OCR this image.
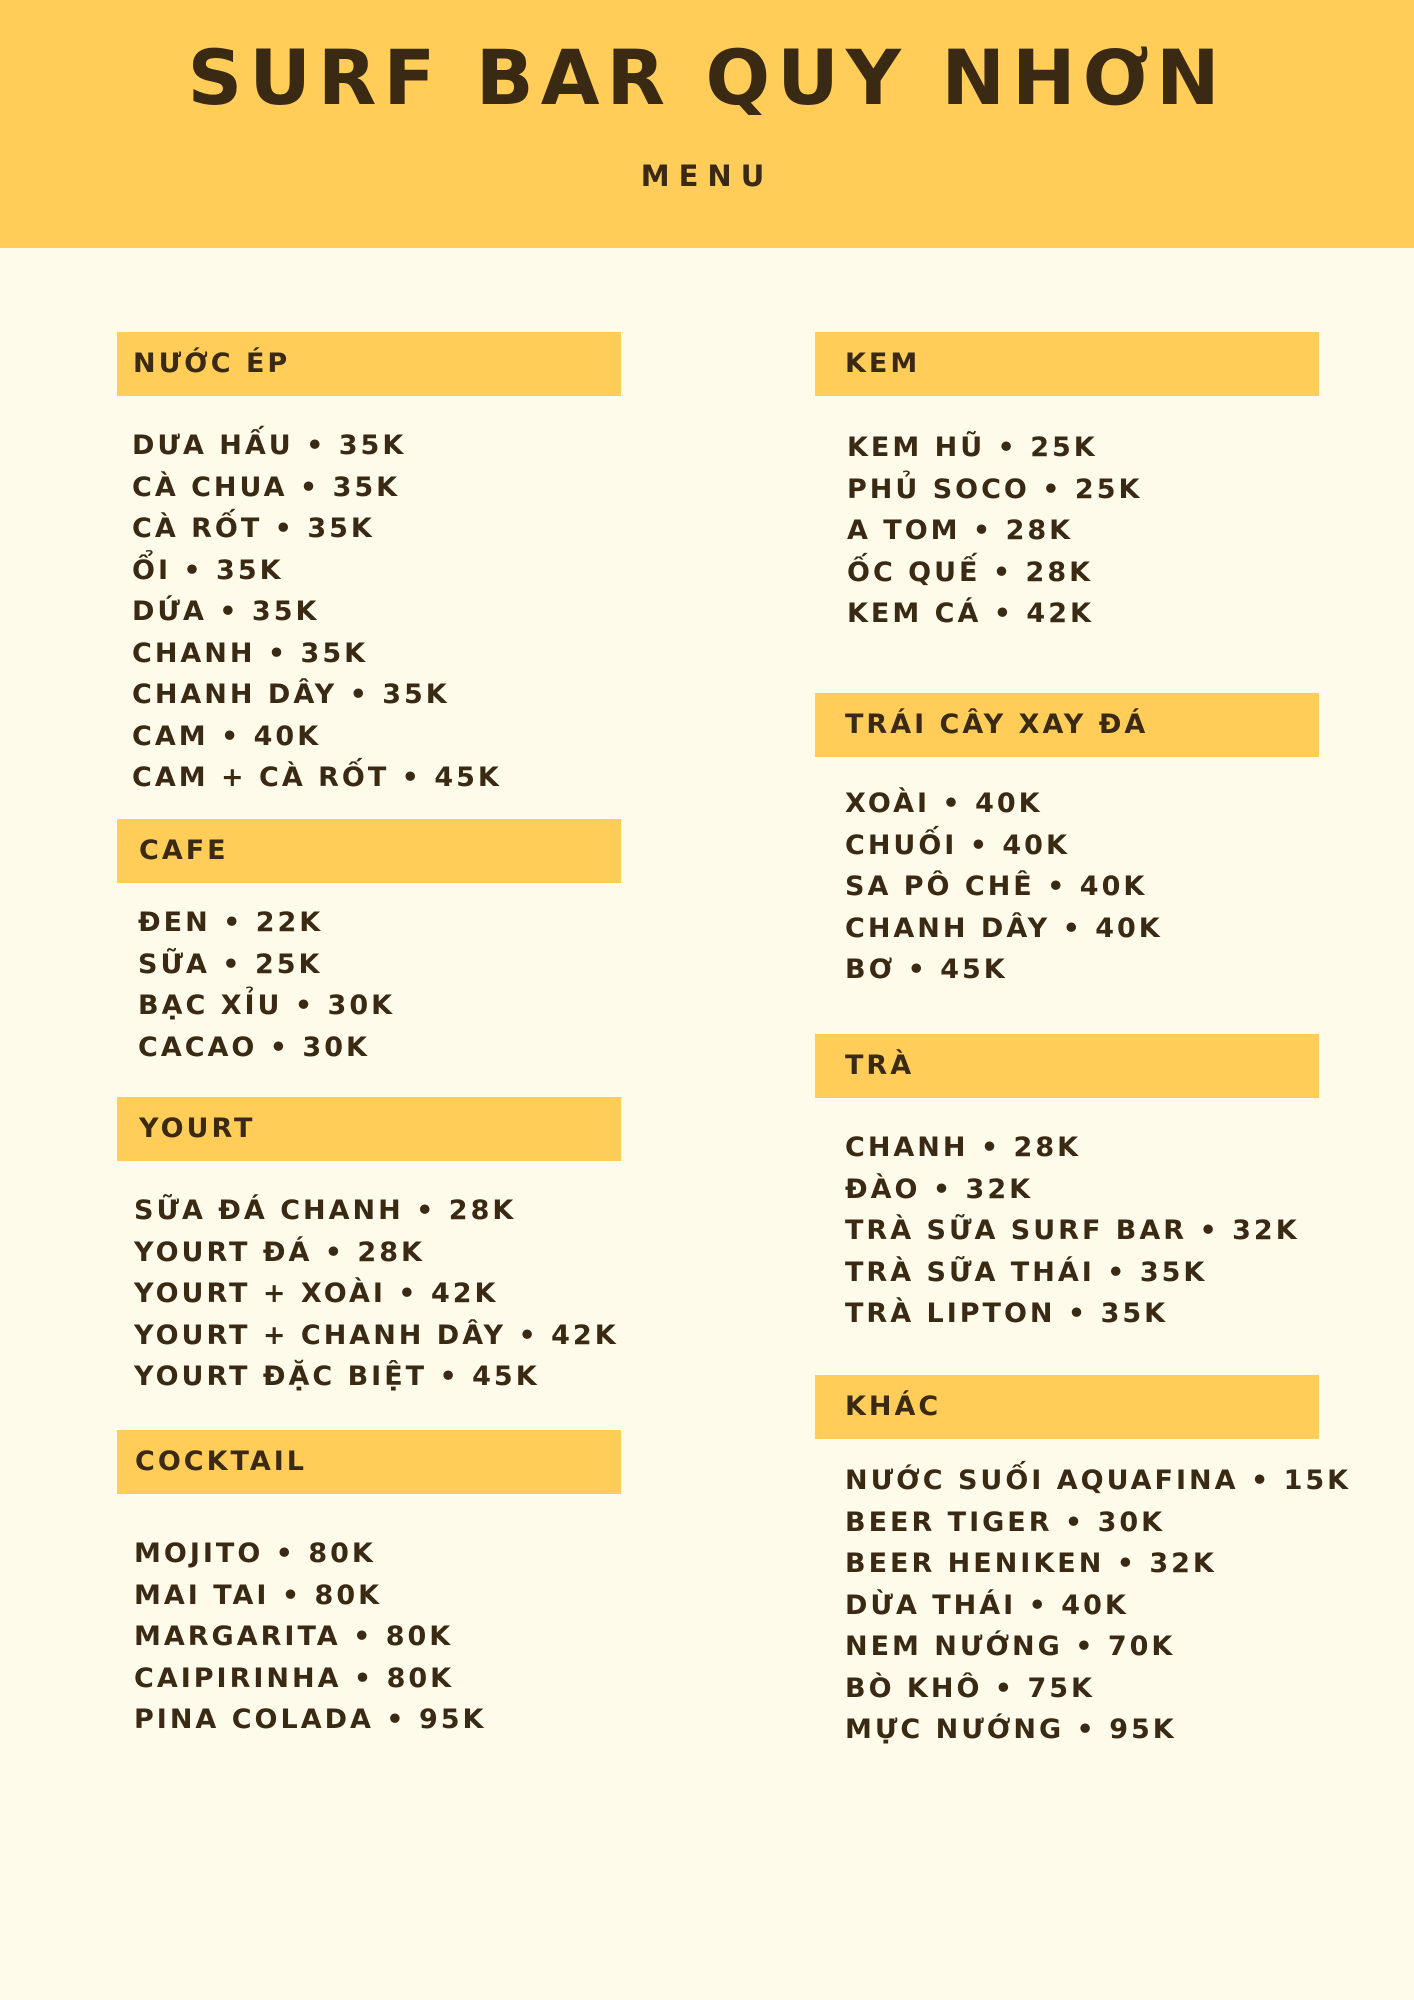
SURF BAR QUY NHƠN
MENU
NƯỚC ÉP
DƯA HẤU • 35K
CÀ CHUA • 35K
CÀ RỐT • 35K
ỔI • 35K
DỨA • 35K
CHANH • 35K
CHANH DÂY • 35K
CAM • 40K
CAM + CÀ RỐT • 45K
CAFE
ĐEN • 22K
SỮA • 25K
BẠC XỈU • 30K
CACAO • 30K
YOURT
SỮA ĐÁ CHANH • 28K
YOURT ĐÁ • 28K
YOURT + XOÀI • 42K
YOURT + CHANH DÂY • 42K
YOURT ĐẶC BIỆT • 45K
COCKTAIL
MOJITO • 80K
MAI TAI • 80K
MARGARITA • 80K
CAIPIRINHA • 80K
PINA COLADA • 95K
KEM
KEM HŨ • 25K
PHỦ SOCO • 25K
A TOM • 28K
ỐC QUẾ • 28K
KEM CÁ • 42K
TRÁI CÂY XAY ĐÁ
XOÀI • 40K
CHUỐI • 40K
SA PÔ CHÊ • 40K
CHANH DÂY • 40K
BƠ • 45K
TRÀ
CHANH • 28K
ĐÀO • 32K
TRÀ SỮA SURF BAR • 32K
TRÀ SỮA THÁI • 35K
TRÀ LIPTON • 35K
KHÁC
NƯỚC SUỐI AQUAFINA • 15K
BEER TIGER • 30K
BEER HENIKEN • 32K
DỪA THÁI • 40K
NEM NƯỚNG • 70K
BÒ KHÔ • 75K
MỰC NƯỚNG • 95K
